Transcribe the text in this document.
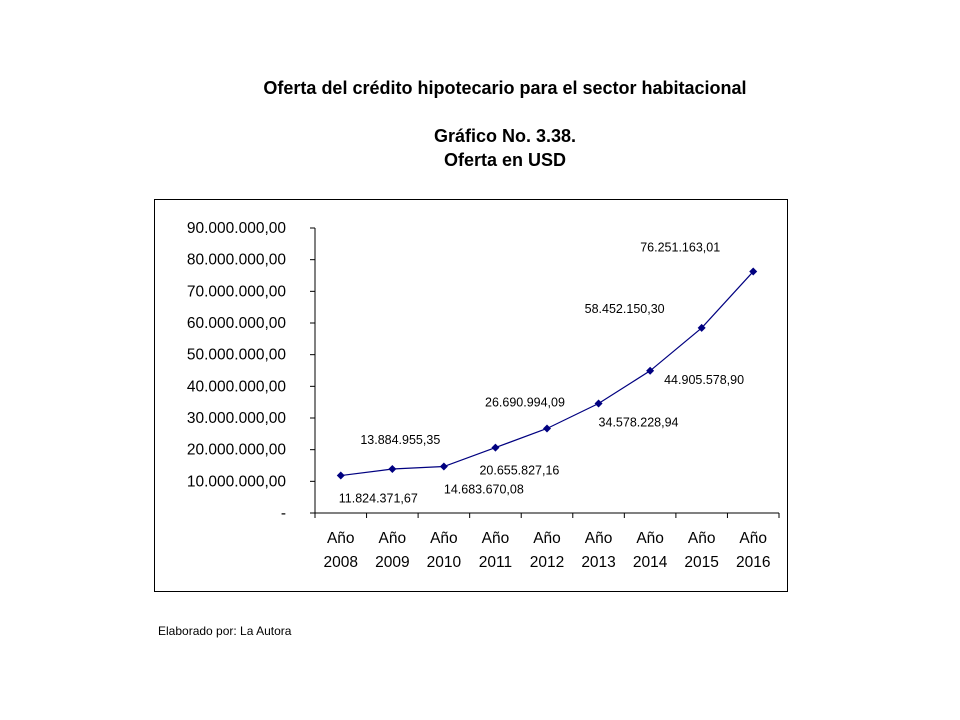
Oferta del crédito hipotecario para el sector habitacional
Gráfico No. 3.38.
Oferta en USD
-
10.000.000,00
20.000.000,00
30.000.000,00
40.000.000,00
50.000.000,00
60.000.000,00
70.000.000,00
80.000.000,00
90.000.000,00
Año
2008
Año
2009
Año
2010
Año
2011
Año
2012
Año
2013
Año
2014
Año
2015
Año
2016
11.824.371,67
13.884.955,35
14.683.670,08
20.655.827,16
26.690.994,09
34.578.228,94
44.905.578,90
58.452.150,30
76.251.163,01
Elaborado por: La Autora
